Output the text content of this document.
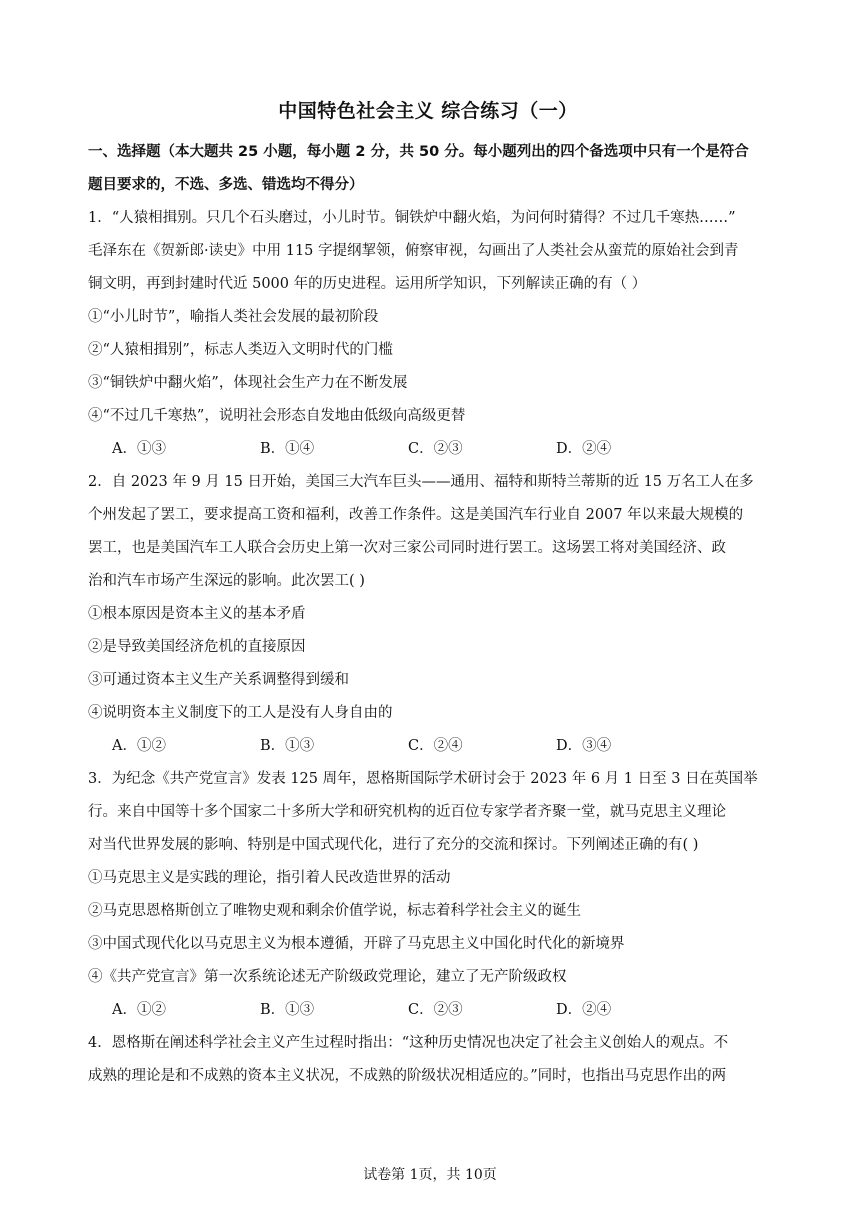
中国特色社会主义 综合练习（一）

一、选择题（本大题共 25 小题，每小题 2 分，共 50 分。每小题列出的四个备选项中只有一个是符合

题目要求的，不选、多选、错选均不得分）

1．“人猿相揖别。只几个石头磨过，小儿时节。铜铁炉中翻火焰，为问何时猜得？不过几千寒热……”

毛泽东在《贺新郎·读史》中用 115 字提纲挈领，俯察审视，勾画出了人类社会从蛮荒的原始社会到青

铜文明，再到封建时代近 5000 年的历史进程。运用所学知识，下列解读正确的有（ ）

①“小儿时节”，喻指人类社会发展的最初阶段

②“人猿相揖别”，标志人类迈入文明时代的门槛

③“铜铁炉中翻火焰”，体现社会生产力在不断发展

④“不过几千寒热”，说明社会形态自发地由低级向高级更替

A．①③	B．①④	C．②③	D．②④

2．自 2023 年 9 月 15 日开始，美国三大汽车巨头——通用、福特和斯特兰蒂斯的近 15 万名工人在多

个州发起了罢工，要求提高工资和福利，改善工作条件。这是美国汽车行业自 2007 年以来最大规模的

罢工，也是美国汽车工人联合会历史上第一次对三家公司同时进行罢工。这场罢工将对美国经济、政

治和汽车市场产生深远的影响。此次罢工( )

①根本原因是资本主义的基本矛盾

②是导致美国经济危机的直接原因

③可通过资本主义生产关系调整得到缓和

④说明资本主义制度下的工人是没有人身自由的

A．①②	B．①③	C．②④	D．③④

3．为纪念《共产党宣言》发表 125 周年，恩格斯国际学术研讨会于 2023 年 6 月 1 日至 3 日在英国举

行。来自中国等十多个国家二十多所大学和研究机构的近百位专家学者齐聚一堂，就马克思主义理论

对当代世界发展的影响、特别是中国式现代化，进行了充分的交流和探讨。下列阐述正确的有( )

①马克思主义是实践的理论，指引着人民改造世界的活动

②马克思恩格斯创立了唯物史观和剩余价值学说，标志着科学社会主义的诞生

③中国式现代化以马克思主义为根本遵循，开辟了马克思主义中国化时代化的新境界

④《共产党宣言》第一次系统论述无产阶级政党理论，建立了无产阶级政权

A．①②	B．①③	C．②③	D．②④

4．恩格斯在阐述科学社会主义产生过程时指出：“这种历史情况也决定了社会主义创始人的观点。不

成熟的理论是和不成熟的资本主义状况，不成熟的阶级状况相适应的。”同时，也指出马克思作出的两

试卷第 1页，共 10页
